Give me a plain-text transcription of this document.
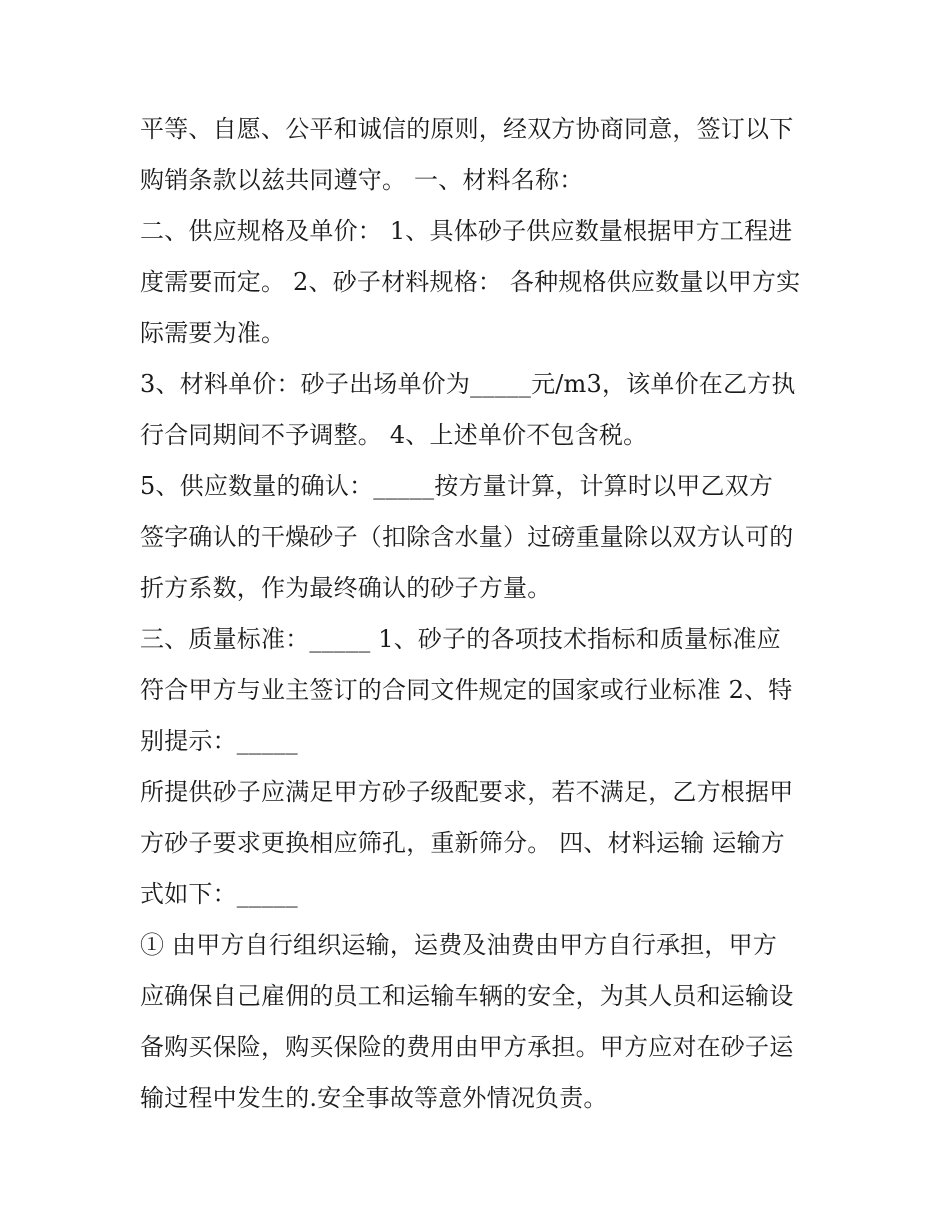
平等、自愿、公平和诚信的原则，经双方协商同意，签订以下
购销条款以兹共同遵守。 一、材料名称：
二、供应规格及单价： 1、具体砂子供应数量根据甲方工程进
度需要而定。 2、砂子材料规格： 各种规格供应数量以甲方实
际需要为准。
3、材料单价：砂子出场单价为_____元/m3，该单价在乙方执
行合同期间不予调整。 4、上述单价不包含税。
5、供应数量的确认：_____按方量计算，计算时以甲乙双方
签字确认的干燥砂子（扣除含水量）过磅重量除以双方认可的
折方系数，作为最终确认的砂子方量。
三、质量标准：_____ 1、砂子的各项技术指标和质量标准应
符合甲方与业主签订的合同文件规定的国家或行业标准 2、特
别提示：_____
所提供砂子应满足甲方砂子级配要求，若不满足，乙方根据甲
方砂子要求更换相应筛孔，重新筛分。 四、材料运输 运输方
式如下：_____
① 由甲方自行组织运输，运费及油费由甲方自行承担，甲方
应确保自己雇佣的员工和运输车辆的安全，为其人员和运输设
备购买保险，购买保险的费用由甲方承担。甲方应对在砂子运
输过程中发生的.安全事故等意外情况负责。
